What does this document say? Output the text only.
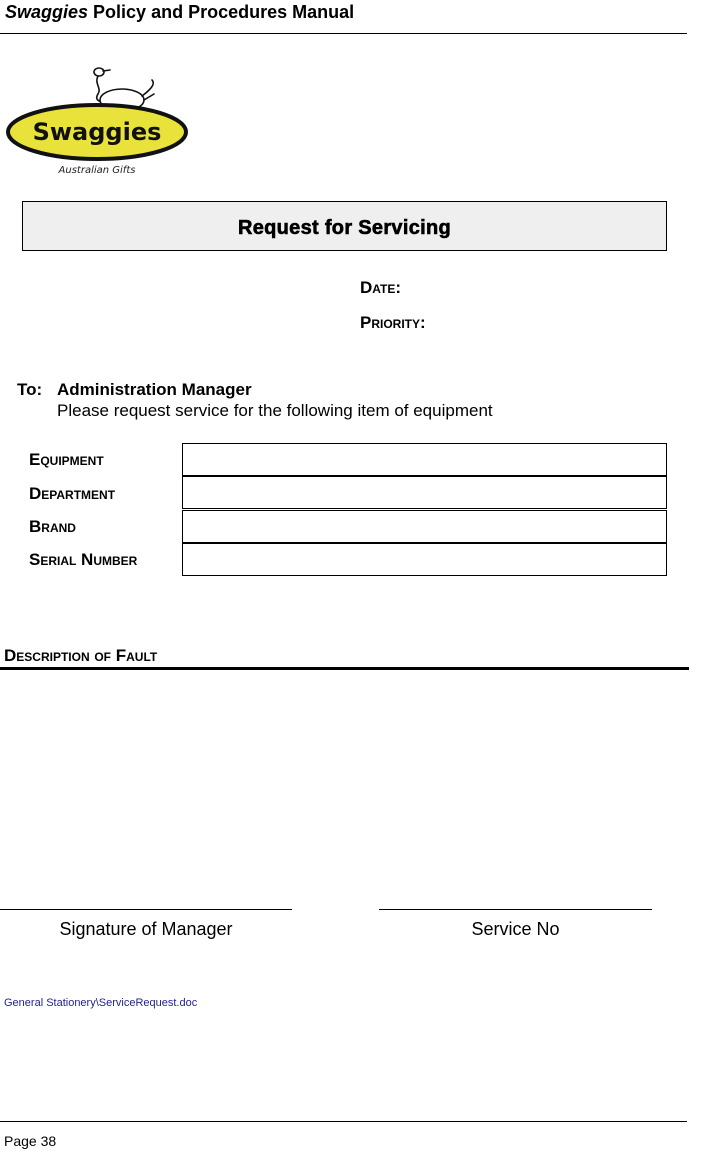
Swaggies Policy and Procedures Manual
Swaggies
Australian Gifts
Request for Servicing
Date:
Priority:
To: Administration Manager
Please request service for the following item of equipment
Equipment
Department
Brand
Serial Number
Description of Fault
Signature of Manager	Service No
General Stationery\ServiceRequest.doc
Page 38
